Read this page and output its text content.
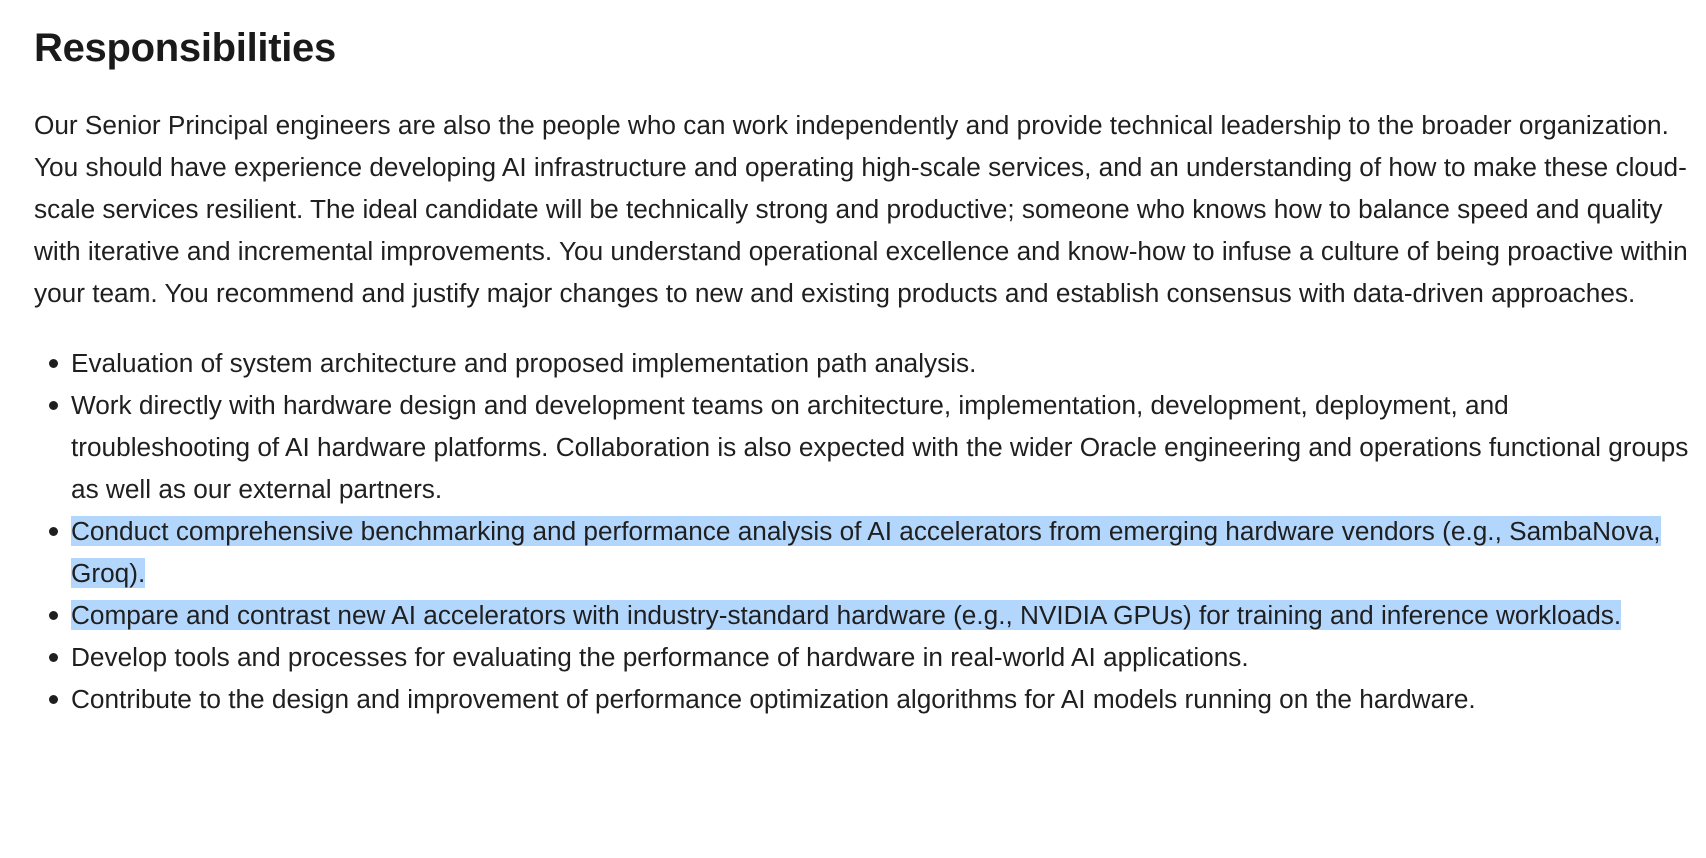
Responsibilities

Our Senior Principal engineers are also the people who can work independently and provide technical leadership to the broader organization. You should have experience developing AI infrastructure and operating high-scale services, and an understanding of how to make these cloud-scale services resilient. The ideal candidate will be technically strong and productive; someone who knows how to balance speed and quality with iterative and incremental improvements. You understand operational excellence and know-how to infuse a culture of being proactive within your team. You recommend and justify major changes to new and existing products and establish consensus with data-driven approaches.

Evaluation of system architecture and proposed implementation path analysis.
Work directly with hardware design and development teams on architecture, implementation, development, deployment, and troubleshooting of AI hardware platforms. Collaboration is also expected with the wider Oracle engineering and operations functional groups as well as our external partners.
Conduct comprehensive benchmarking and performance analysis of AI accelerators from emerging hardware vendors (e.g., SambaNova, Groq).
Compare and contrast new AI accelerators with industry-standard hardware (e.g., NVIDIA GPUs) for training and inference workloads.
Develop tools and processes for evaluating the performance of hardware in real-world AI applications.
Contribute to the design and improvement of performance optimization algorithms for AI models running on the hardware.
